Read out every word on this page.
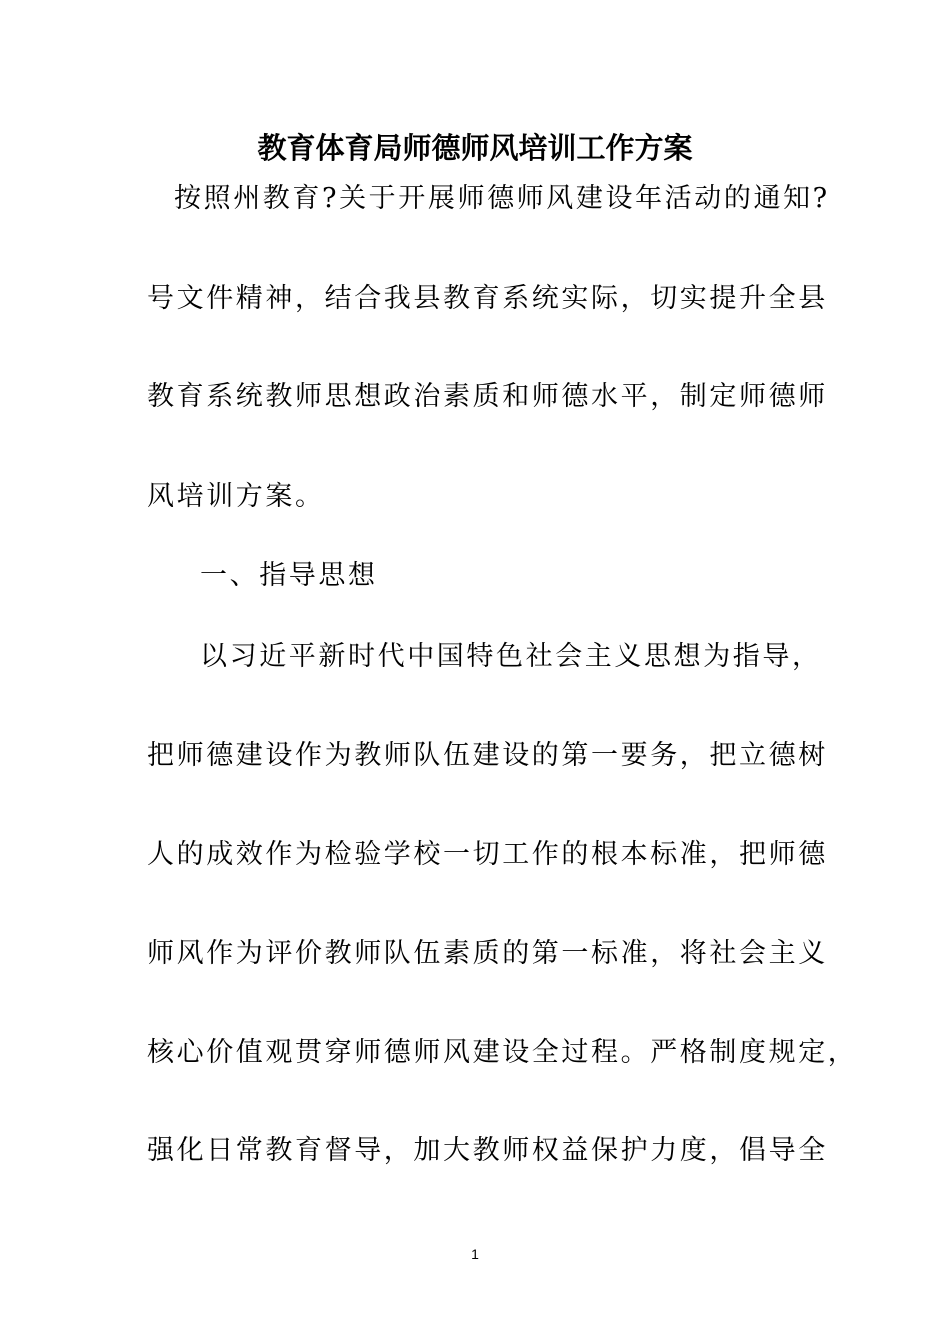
教育体育局师德师风培训工作方案
按照州教育?关于开展师德师风建设年活动的通知?
号文件精神，结合我县教育系统实际，切实提升全县
教育系统教师思想政治素质和师德水平，制定师德师
风培训方案。
一、指导思想
以习近平新时代中国特色社会主义思想为指导，
把师德建设作为教师队伍建设的第一要务，把立德树
人的成效作为检验学校一切工作的根本标准，把师德
师风作为评价教师队伍素质的第一标准，将社会主义
核心价值观贯穿师德师风建设全过程。严格制度规定，
强化日常教育督导，加大教师权益保护力度，倡导全
1
